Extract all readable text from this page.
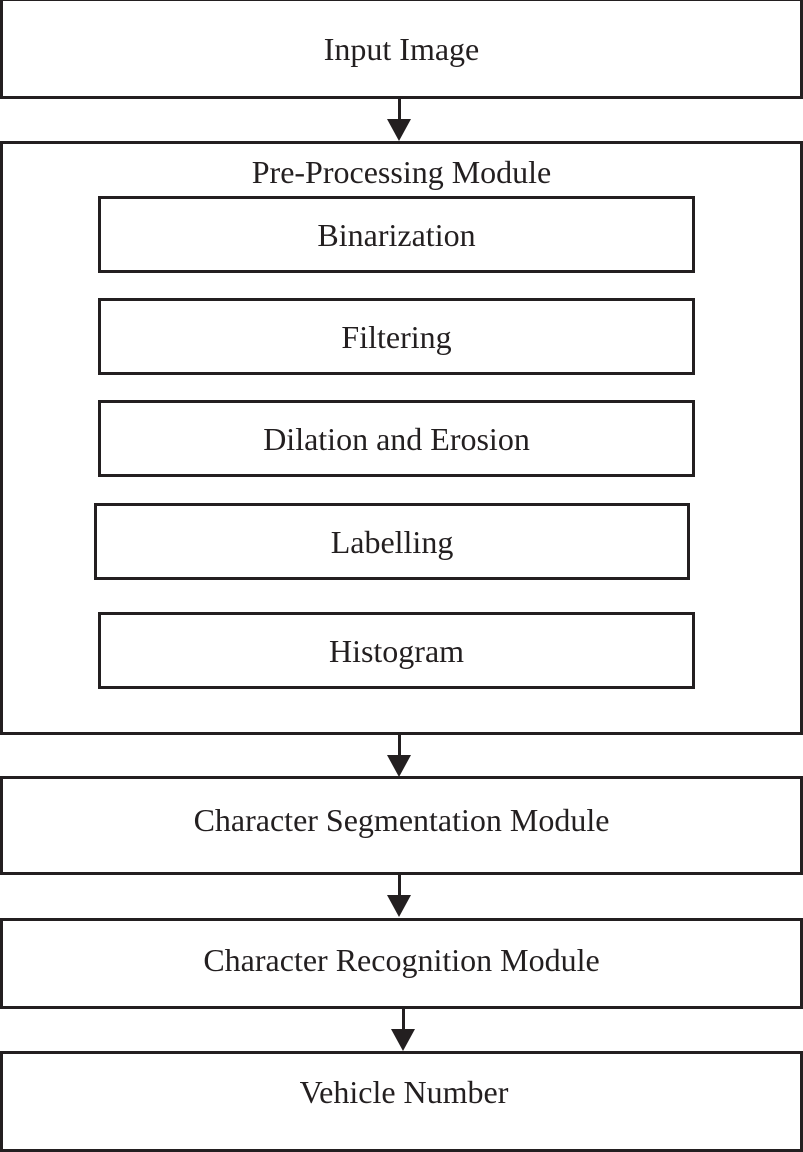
Input Image
Pre-Processing Module
Binarization
Filtering
Dilation and Erosion
Labelling
Histogram
Character Segmentation Module
Character Recognition Module
Vehicle Number
